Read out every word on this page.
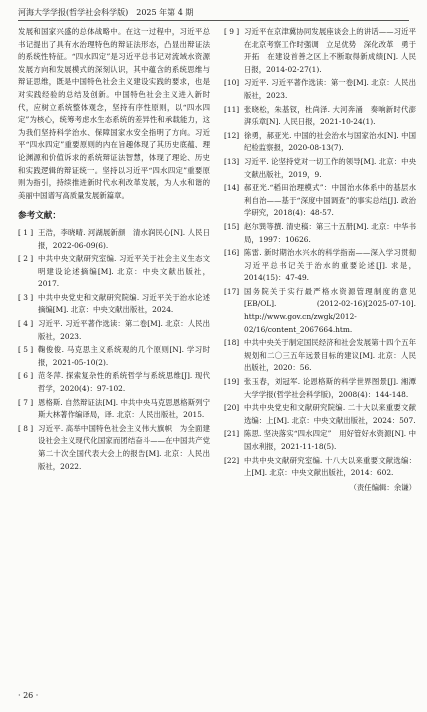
河海大学学报(哲学社会科学版)　 2025 年第 4 期

发展和国家兴盛的总体战略中。在这一过程中，习近平总书记提出了具有水治理特色的辩证法形态，凸显出辩证法的系统性特征。“四水四定”是习近平总书记对流域水资源发展方向和发展模式的深刻认识，其中蕴含的系统思维与辩证思维，既是中国特色社会主义建设实践的要求，也是对实践经验的总结及创新。中国特色社会主义进入新时代，应树立系统整体观念，坚持有序性原则，以“四水四定”为核心，统筹考虑水生态系统的差异性和承载能力，这为我们坚持科学治水、保障国家水安全指明了方向。习近平“四水四定”重要原则的内在旨趣体现了其历史底蕴、理论渊源和价值诉求的系统辩证法智慧，体现了理论、历史和实践逻辑的辩证统一。坚持以习近平“四水四定”重要原则为指引，持续推进新时代水利改革发展，为人水和谐的美丽中国谱写高质量发展新篇章。

参考文献：
[ 1 ] 王浩，李晓晴. 河湖展新颜　清水润民心[N]. 人民日报，2022-06-09(6).
[ 2 ] 中共中央文献研究室编. 习近平关于社会主义生态文明建设论述摘编[M]. 北京：中央文献出版社，2017.
[ 3 ] 中共中央党史和文献研究院编. 习近平关于治水论述摘编[M]. 北京：中央文献出版社，2024.
[ 4 ] 习近平. 习近平著作选读：第二卷[M]. 北京：人民出版社，2023.
[ 5 ] 鞠俊俊. 马克思主义系统观的几个原则[N]. 学习时报，2021-05-10(2).
[ 6 ] 范冬萍. 探索复杂性的系统哲学与系统思维[J]. 现代哲学，2020(4)：97-102.
[ 7 ] 恩格斯. 自然辩证法[M]. 中共中央马克思恩格斯列宁斯大林著作编译局，译. 北京：人民出版社，2015.
[ 8 ] 习近平. 高举中国特色社会主义伟大旗帜　为全面建设社会主义现代化国家而团结奋斗——在中国共产党第二十次全国代表大会上的报告[M]. 北京：人民出版社，2022.
[ 9 ] 习近平在京津冀协同发展座谈会上的讲话——习近平在北京考察工作时强调　立足优势　深化改革　勇于开拓　在建设首善之区上不断取得新成绩[N]. 人民日报，2014-02-27(1).
[10] 习近平. 习近平著作选读：第一卷[M]. 北京：人民出版社，2023.
[11] 张晓松，朱基钗，杜尚泽. 大河奔涌　奏响新时代澎湃乐章[N]. 人民日报，2021-10-24(1).
[12] 徐勇，郝亚光. 中国的社会治水与国家治水[N]. 中国纪检监察报，2020-08-13(7).
[13] 习近平. 论坚持党对一切工作的领导[M]. 北京：中央文献出版社，2019，9.
[14] 郝亚光.“稻田治理模式”：中国治水体系中的基层水利自治——基于“深度中国调查”的事实总结[J]. 政治学研究，2018(4)：48-57.
[15] 赵尔巽等撰. 清史稿：第三十五册[M]. 北京：中华书局，1997：10626.
[16] 陈雷. 新时期治水兴水的科学指南——深入学习贯彻习近平总书记关于治水的重要论述[J]. 求是，2014(15)：47-49.
[17] 国务院关于实行最严格水资源管理制度的意见[EB/OL]. (2012-02-16)[2025-07-10]. http://www.gov.cn/zwgk/2012-02/16/content_2067664.htm.
[18] 中共中央关于制定国民经济和社会发展第十四个五年规划和二〇三五年远景目标的建议[M]. 北京：人民出版社，2020：56.
[19] 张玉春，刘冠军. 论恩格斯的科学世界图景[J]. 湘潭大学学报(哲学社会科学版)，2008(4)：144-148.
[20] 中共中央党史和文献研究院编. 二十大以来重要文献选编：上[M]. 北京：中央文献出版社，2024：507.
[21] 陈思. 坚决落实“四水四定”　用好管好水资源[N]. 中国水利报，2021-11-18(5).
[22] 中共中央文献研究室编. 十八大以来重要文献选编：上[M]. 北京：中央文献出版社，2014：602.
（责任编辑：余谦）
· 26 ·
